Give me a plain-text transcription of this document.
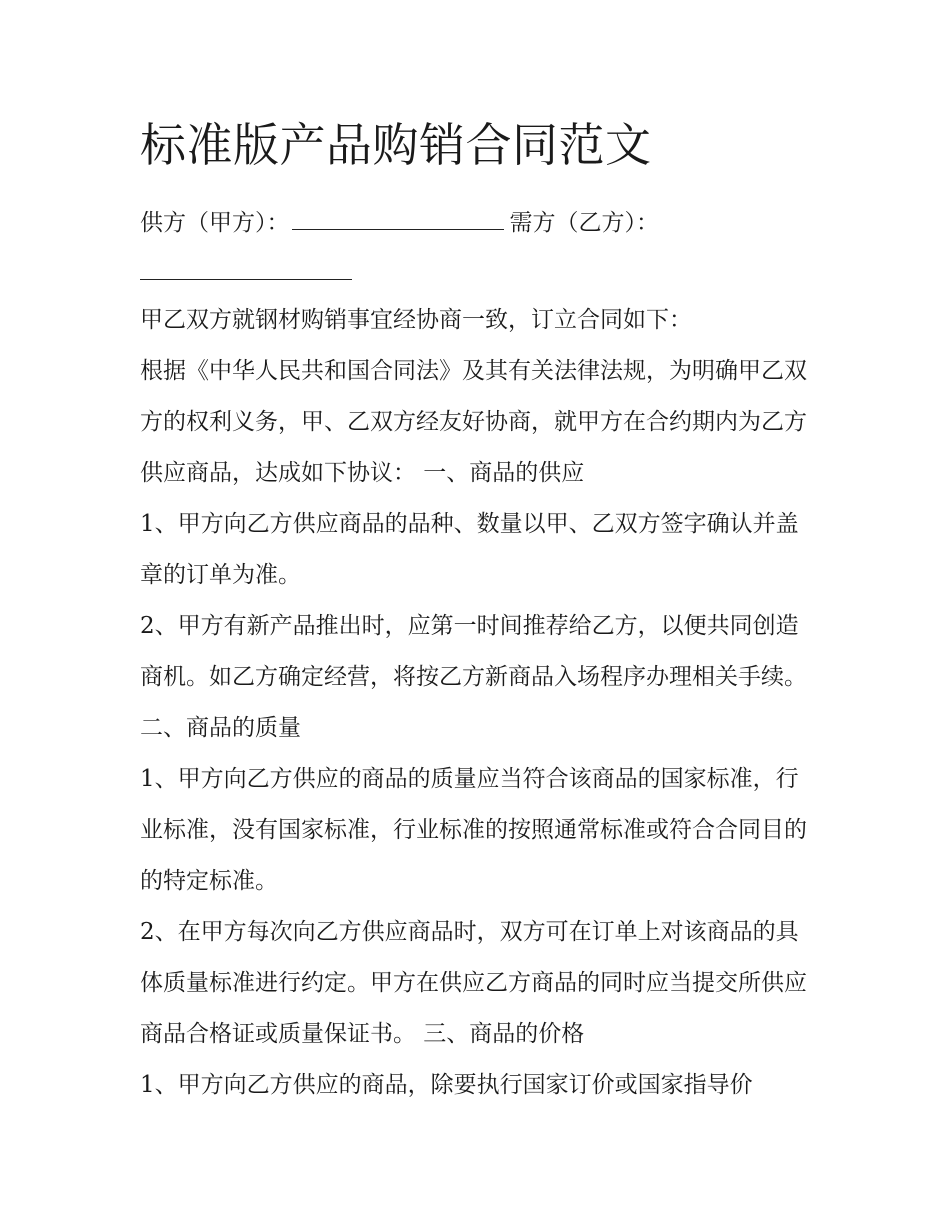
标准版产品购销合同范文
供方（甲方）：	需方（乙方）：

甲乙双方就钢材购销事宜经协商一致，订立合同如下：

根据《中华人民共和国合同法》及其有关法律法规，为明确甲乙双方的权利义务，甲、乙双方经友好协商，就甲方在合约期内为乙方供应商品，达成如下协议： 一、商品的供应

1、甲方向乙方供应商品的品种、数量以甲、乙双方签字确认并盖章的订单为准。

2、甲方有新产品推出时，应第一时间推荐给乙方，以便共同创造商机。如乙方确定经营，将按乙方新商品入场程序办理相关手续。 二、商品的质量

1、甲方向乙方供应的商品的质量应当符合该商品的国家标准，行业标准，没有国家标准，行业标准的按照通常标准或符合合同目的的特定标准。

2、在甲方每次向乙方供应商品时，双方可在订单上对该商品的具体质量标准进行约定。甲方在供应乙方商品的同时应当提交所供应商品合格证或质量保证书。 三、商品的价格

1、甲方向乙方供应的商品，除要执行国家订价或国家指导价
